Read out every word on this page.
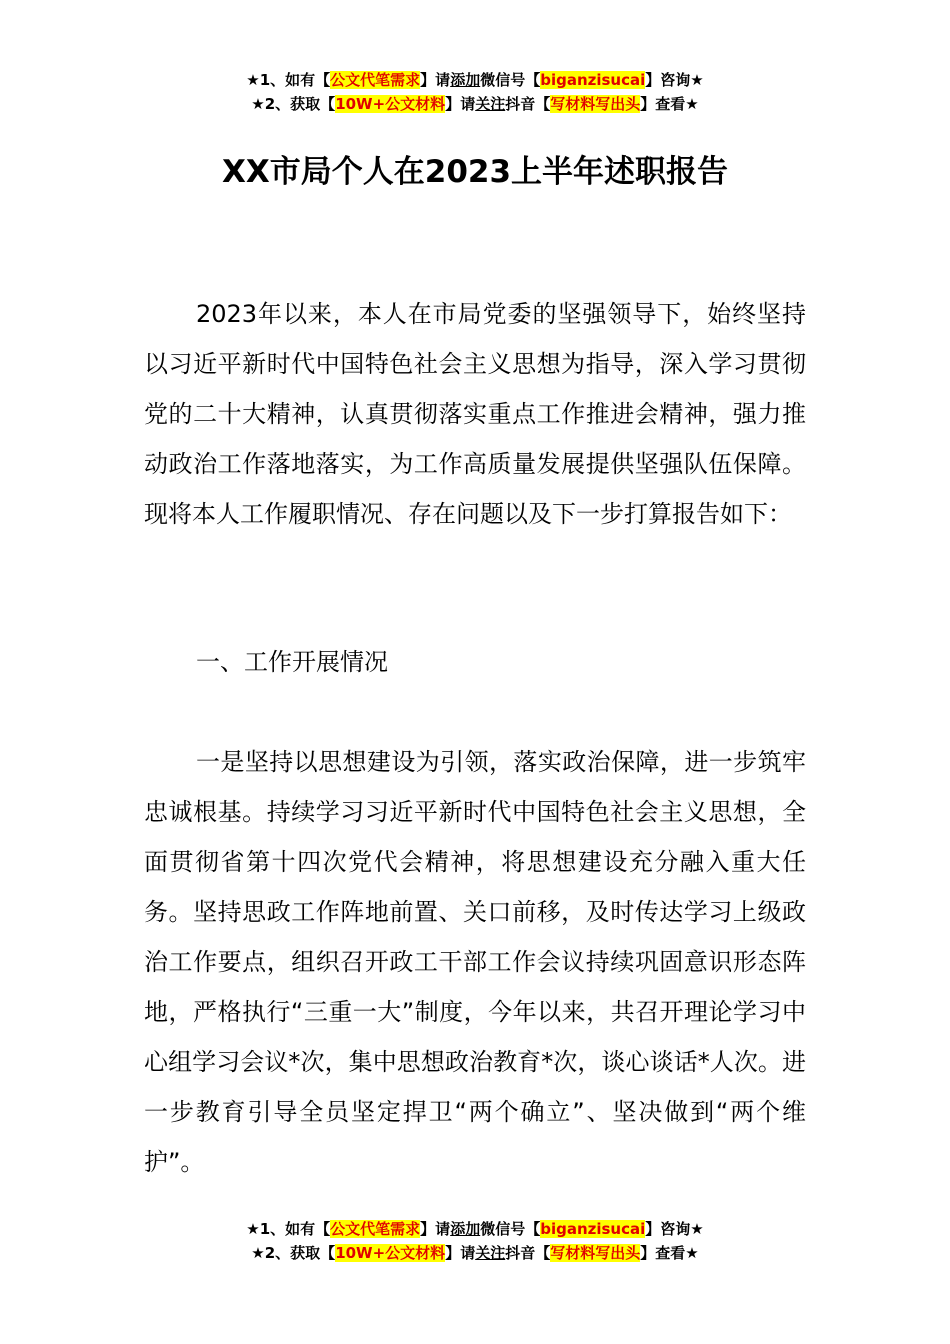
★1、如有【公文代笔需求】请添加微信号【biganzisucai】咨询★
★2、获取【10W+公文材料】请关注抖音【写材料写出头】查看★
XX市局个人在2023上半年述职报告

2023年以来，本人在市局党委的坚强领导下，始终坚持以习近平新时代中国特色社会主义思想为指导，深入学习贯彻党的二十大精神，认真贯彻落实重点工作推进会精神，强力推动政治工作落地落实，为工作高质量发展提供坚强队伍保障。现将本人工作履职情况、存在问题以及下一步打算报告如下：

一、工作开展情况

一是坚持以思想建设为引领，落实政治保障，进一步筑牢忠诚根基。持续学习习近平新时代中国特色社会主义思想，全面贯彻省第十四次党代会精神，将思想建设充分融入重大任务。坚持思政工作阵地前置、关口前移，及时传达学习上级政治工作要点，组织召开政工干部工作会议持续巩固意识形态阵地，严格执行“三重一大”制度，今年以来，共召开理论学习中心组学习会议*次，集中思想政治教育*次，谈心谈话*人次。进一步教育引导全员坚定捍卫“两个确立”、坚决做到“两个维护”。

★1、如有【公文代笔需求】请添加微信号【biganzisucai】咨询★
★2、获取【10W+公文材料】请关注抖音【写材料写出头】查看★
